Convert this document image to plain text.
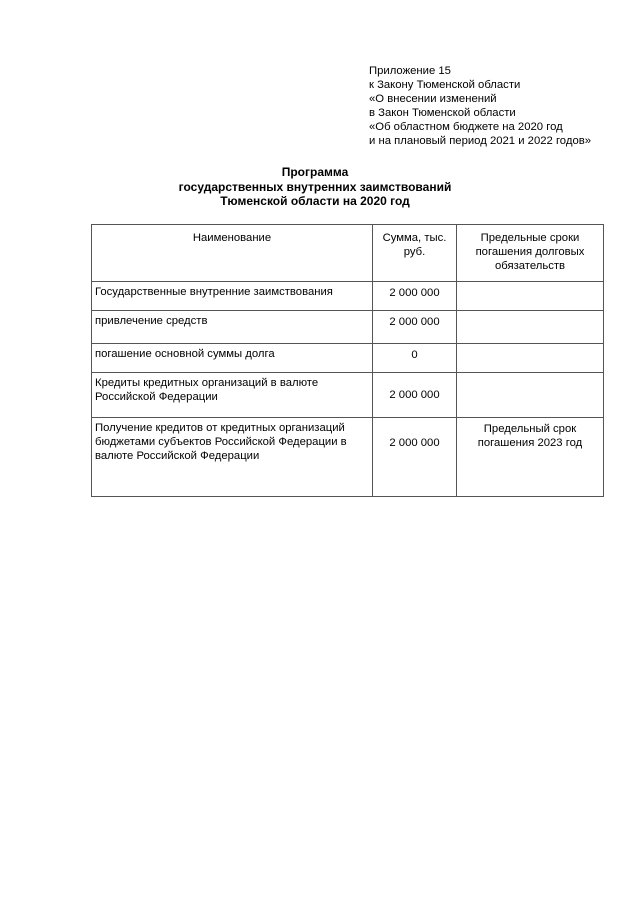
Приложение 15
к Закону Тюменской области
«О внесении изменений
в Закон Тюменской области
«Об областном бюджете на 2020 год
и на плановый период 2021 и 2022 годов»
Программа
государственных внутренних заимствований
Тюменской области на 2020 год
Наименование	Сумма, тыс. руб.	Предельные сроки погашения долговых обязательств
Государственные внутренние заимствования	2 000 000	
привлечение средств	2 000 000	
погашение основной суммы долга	0	
Кредиты кредитных организаций в валюте Российской Федерации	2 000 000	
Получение кредитов от кредитных организаций бюджетами субъектов Российской Федерации в валюте Российской Федерации	2 000 000	Предельный срок погашения 2023 год
